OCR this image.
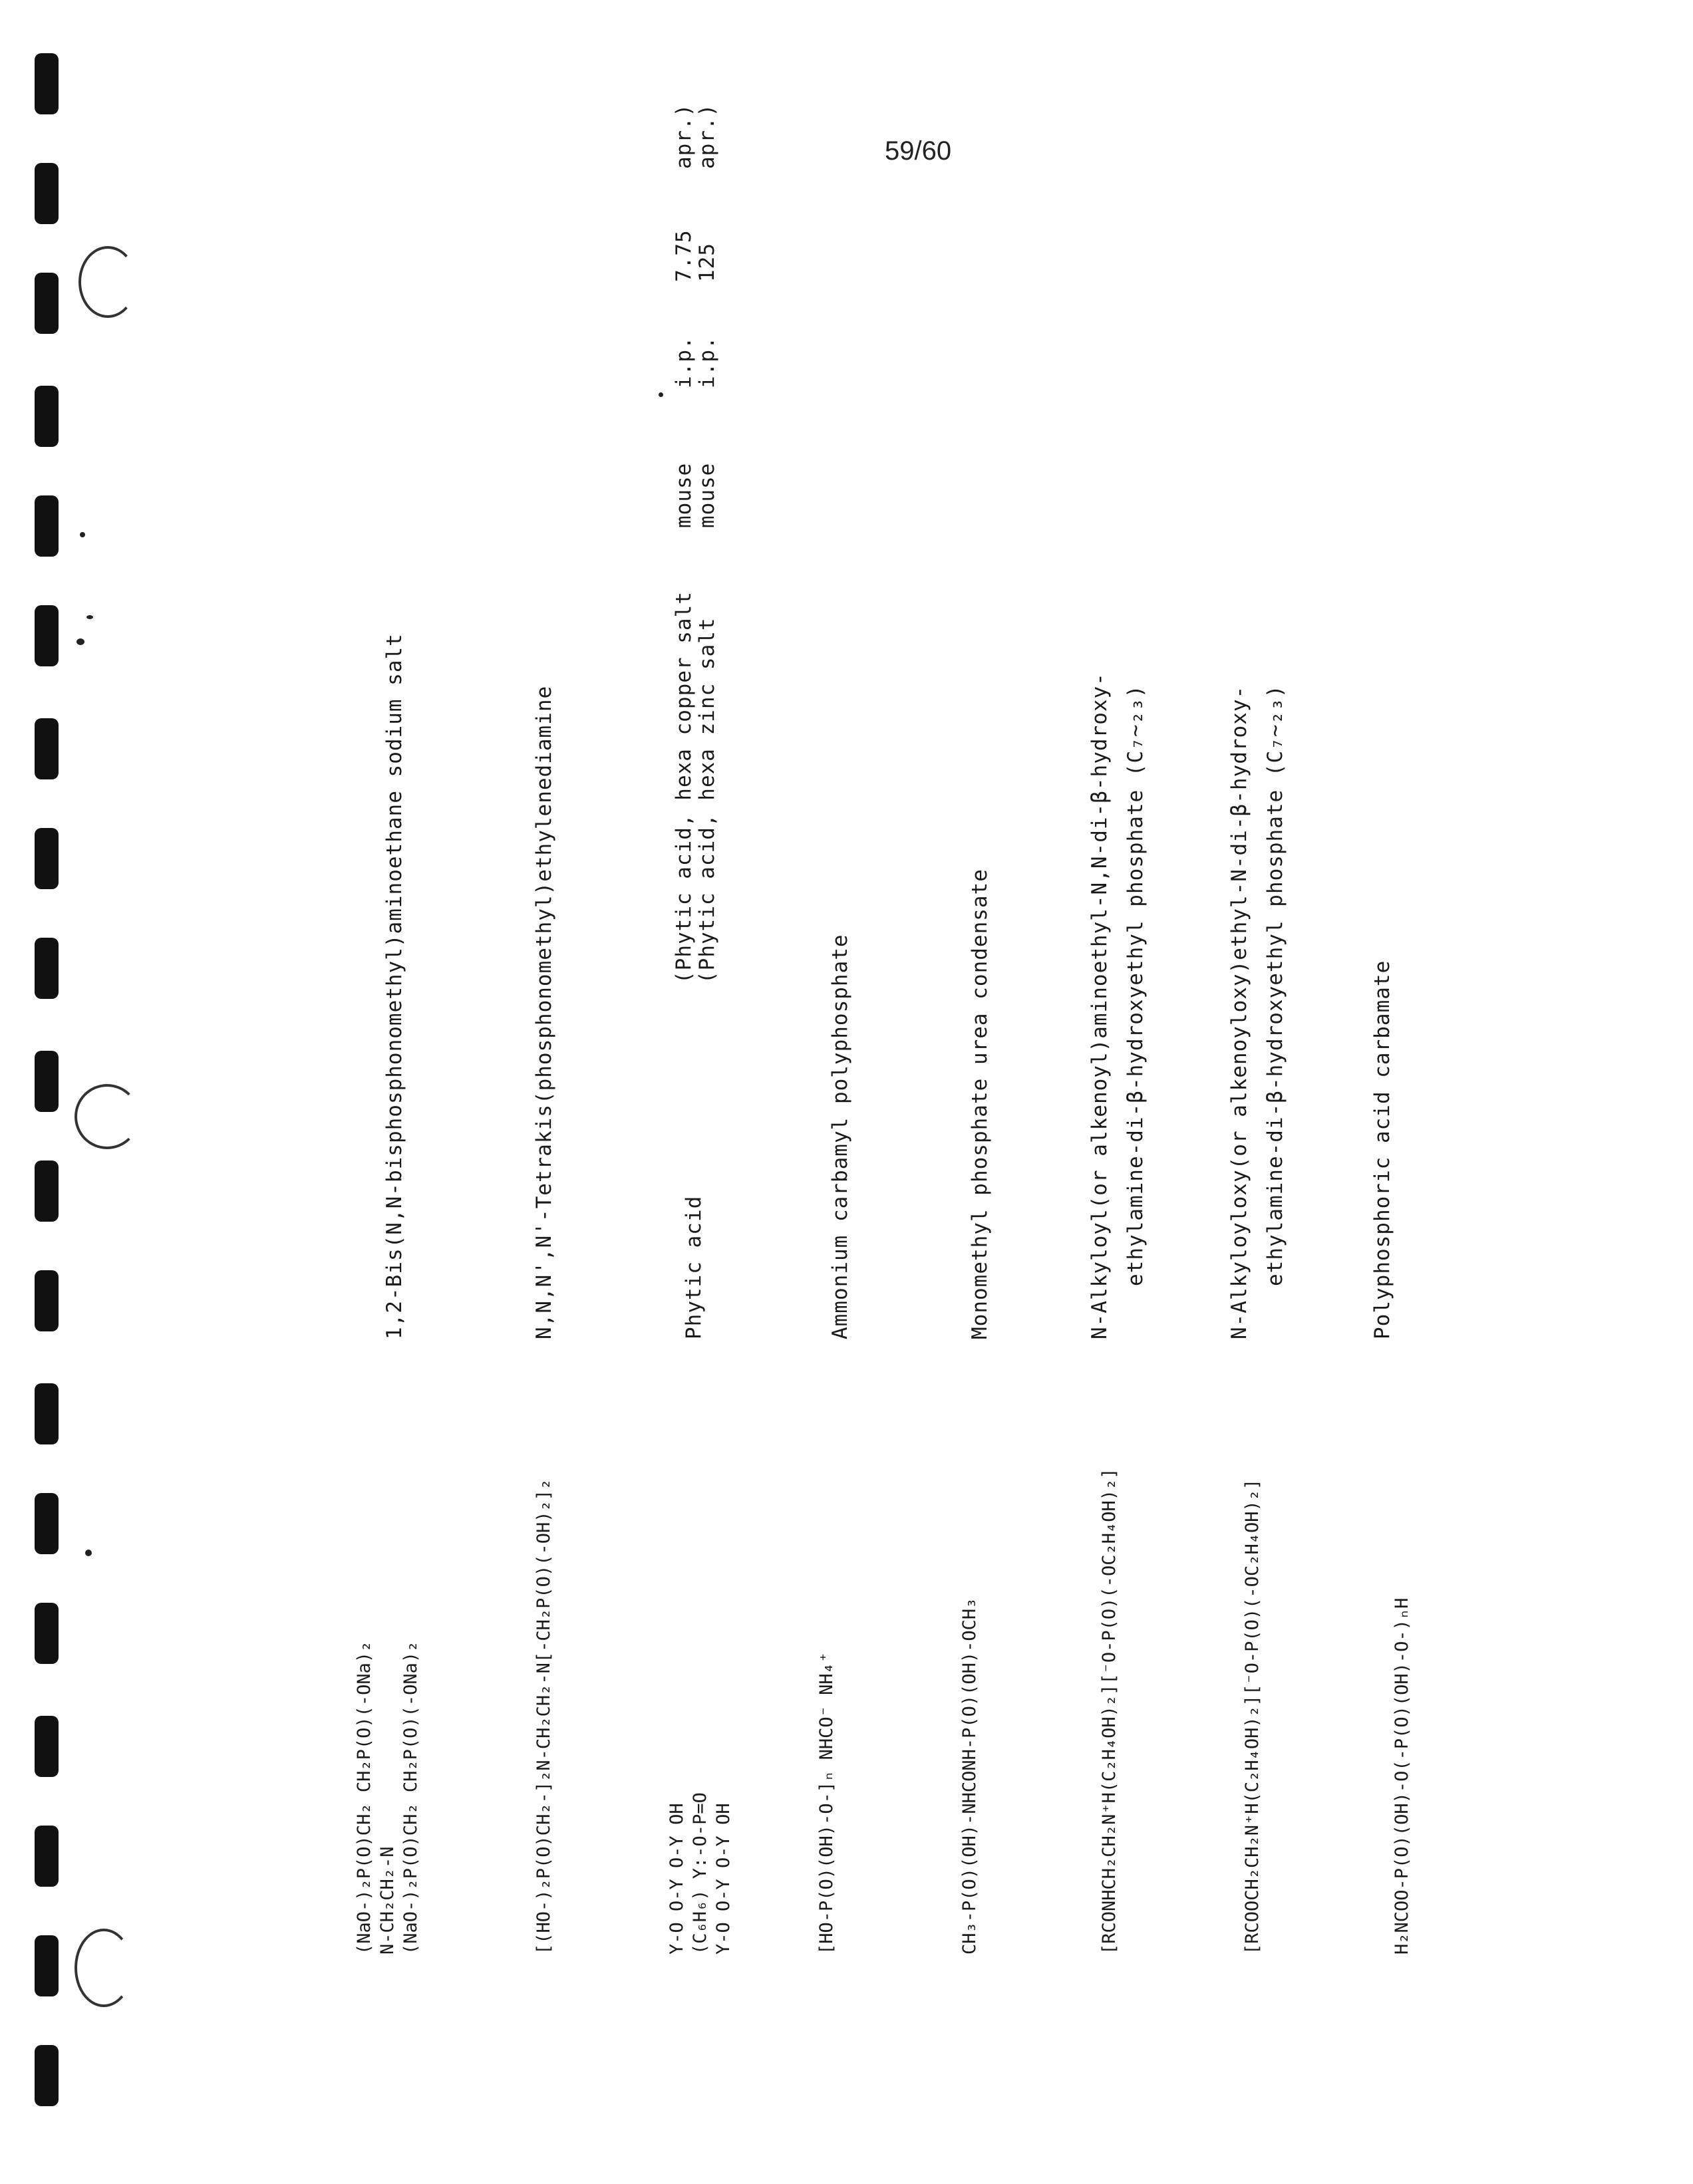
59/60
(NaO-)₂P(O)CH₂ CH₂P(O)(-ONa)₂ N-CH₂CH₂-N (NaO-)₂P(O)CH₂ CH₂P(O)(-ONa)₂
1,2-Bis(N,N-bisphosphonomethyl)aminoethane sodium salt
[(HO-)₂P(O)CH₂-]₂N-CH₂CH₂-N[-CH₂P(O)(-OH)₂]₂
N,N,N',N'-Tetrakis(phosphonomethyl)ethylenediamine
Y-O O-Y O-Y OH (C₆H₆) Y:-O-P=O Y-O O-Y O-Y OH
Phytic acid
(Phytic acid, hexa copper salt (Phytic acid, hexa zinc salt
mouse mouse
i.p. i.p.
7.75 125
apr.) apr.)
[HO-P(O)(OH)-O-]ₙ NHCO⁻ NH₄⁺
Ammonium carbamyl polyphosphate
CH₃-P(O)(OH)-NHCONH-P(O)(OH)-OCH₃
Monomethyl phosphate urea condensate
[RCONHCH₂CH₂N⁺H(C₂H₄OH)₂][⁻O-P(O)(-OC₂H₄OH)₂]
N-Alkyloyl(or alkenoyl)aminoethyl-N,N-di-β-hydroxy- ethylamine-di-β-hydroxyethyl phosphate (C₇~₂₃)
[RCOOCH₂CH₂N⁺H(C₂H₄OH)₂][⁻O-P(O)(-OC₂H₄OH)₂]
N-Alkyloyloxy(or alkenoyloxy)ethyl-N-di-β-hydroxy- ethylamine-di-β-hydroxyethyl phosphate (C₇~₂₃)
H₂NCOO-P(O)(OH)-O(-P(O)(OH)-O-)ₙH
Polyphosphoric acid carbamate
